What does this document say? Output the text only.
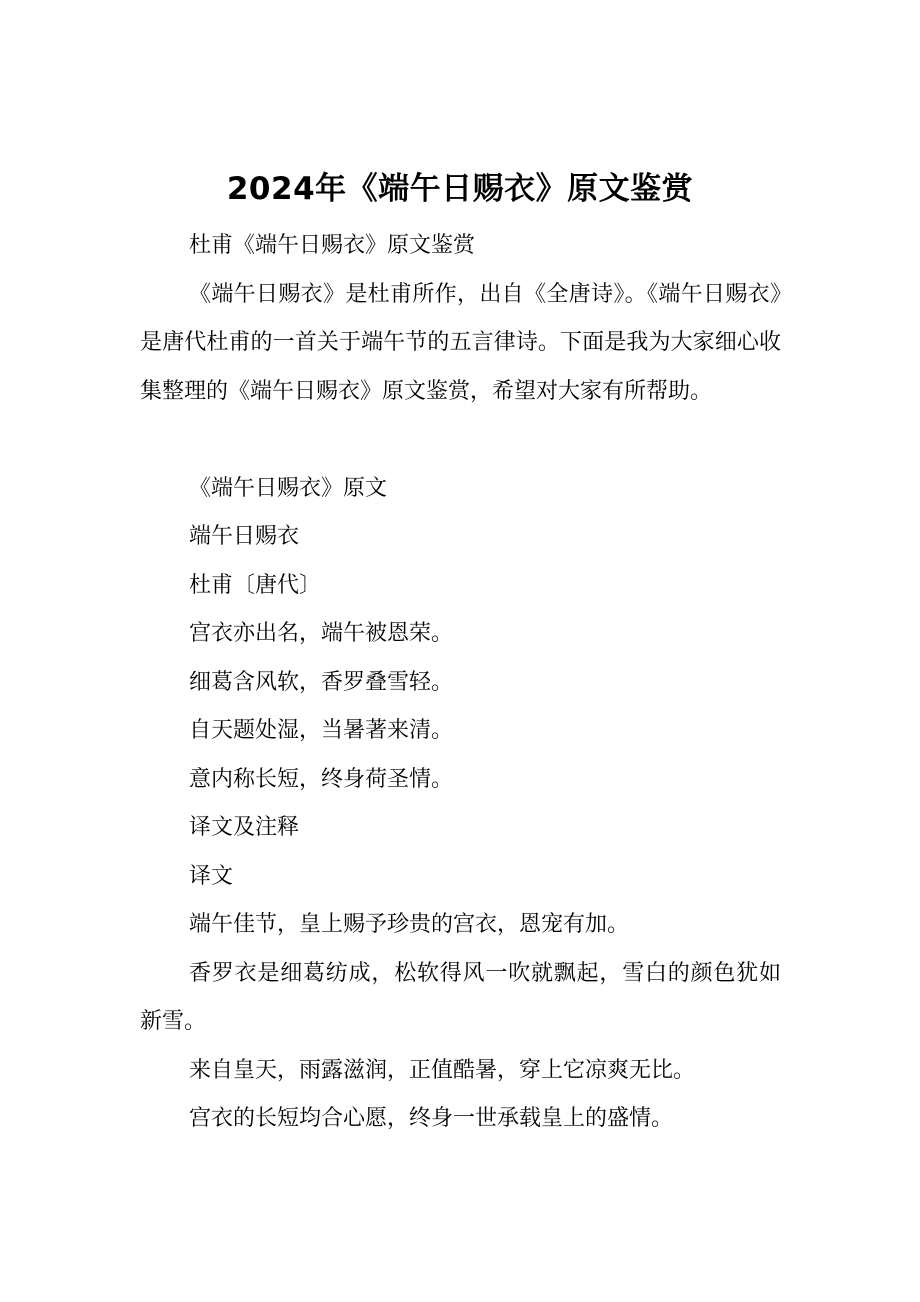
2024年《端午日赐衣》原文鉴赏

杜甫《端午日赐衣》原文鉴赏

《端午日赐衣》是杜甫所作，出自《全唐诗》。《端午日赐衣》是唐代杜甫的一首关于端午节的五言律诗。下面是我为大家细心收集整理的《端午日赐衣》原文鉴赏，希望对大家有所帮助。

《端午日赐衣》原文

端午日赐衣

杜甫〔唐代〕

宫衣亦出名，端午被恩荣。

细葛含风软，香罗叠雪轻。

自天题处湿，当暑著来清。

意内称长短，终身荷圣情。

译文及注释

译文

端午佳节，皇上赐予珍贵的宫衣，恩宠有加。

香罗衣是细葛纺成，松软得风一吹就飘起，雪白的颜色犹如新雪。

来自皇天，雨露滋润，正值酷暑，穿上它凉爽无比。

宫衣的长短均合心愿，终身一世承载皇上的盛情。
